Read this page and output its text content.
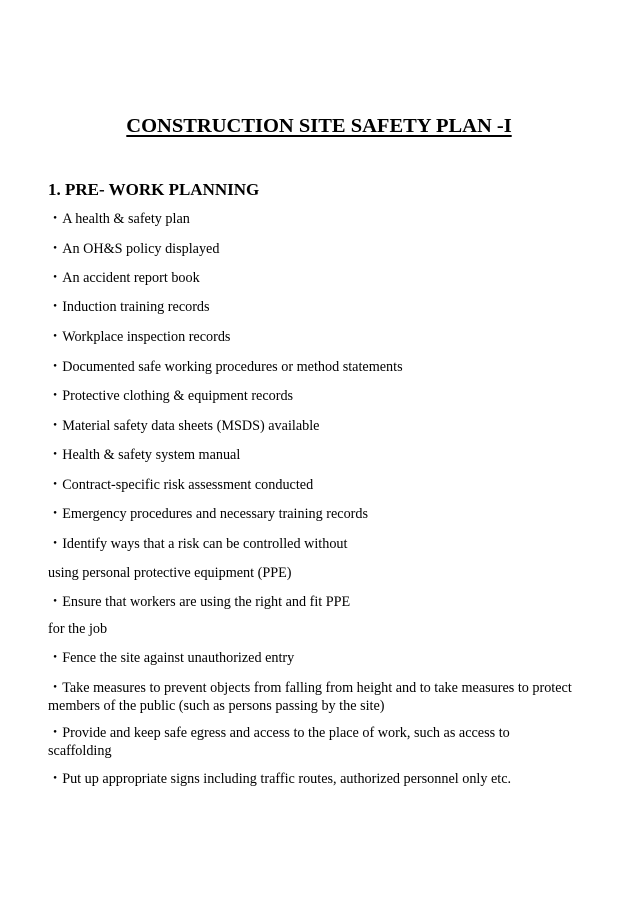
CONSTRUCTION SITE SAFETY PLAN -I
1. PRE- WORK PLANNING
・A health & safety plan
・An OH&S policy displayed
・An accident report book
・Induction training records
・Workplace inspection records
・Documented safe working procedures or method statements
・Protective clothing & equipment records
・Material safety data sheets (MSDS) available
・Health & safety system manual
・Contract-specific risk assessment conducted
・Emergency procedures and necessary training records
・Identify ways that a risk can be controlled without
using personal protective equipment (PPE)
・Ensure that workers are using the right and fit PPE
for the job
・Fence the site against unauthorized entry
・Take measures to prevent objects from falling from height and to take measures to protect
members of the public (such as persons passing by the site)
・Provide and keep safe egress and access to the place of work, such as access to
scaffolding
・Put up appropriate signs including traffic routes, authorized personnel only etc.
